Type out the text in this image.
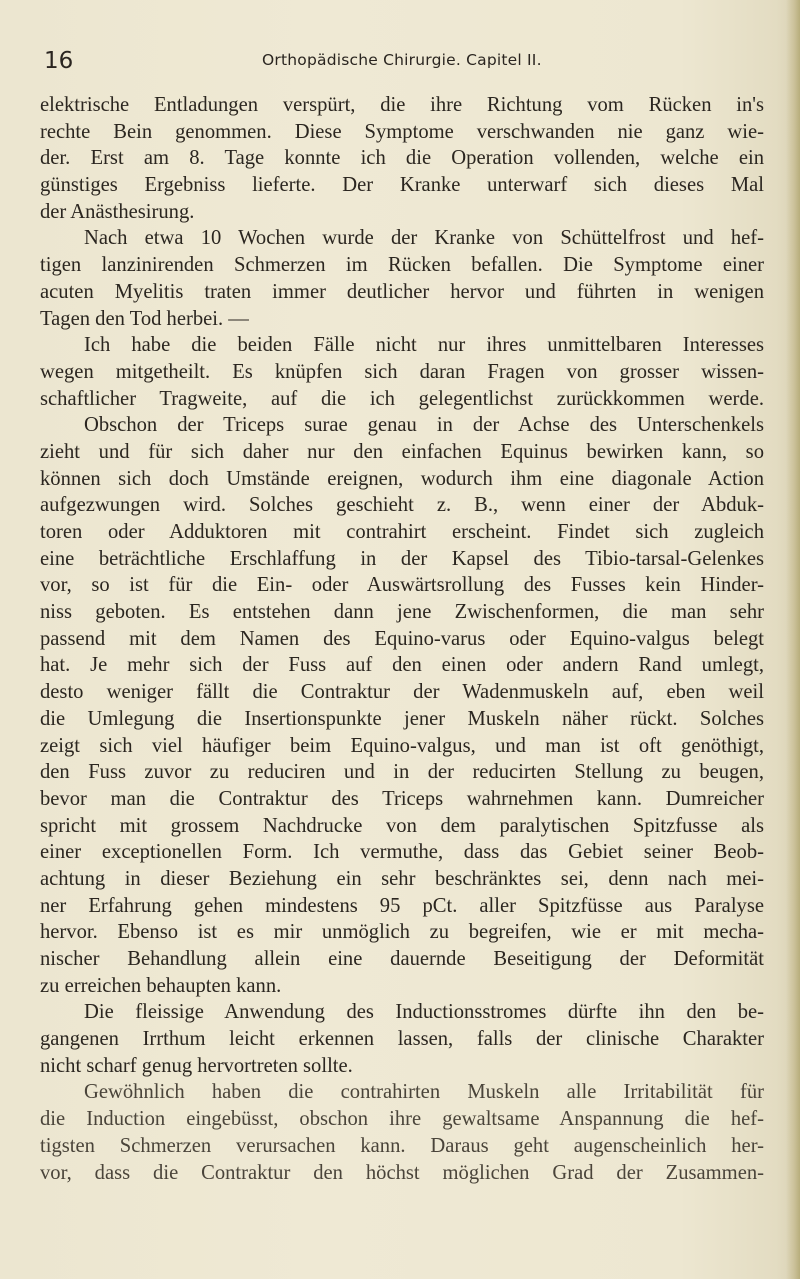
16	Orthopädische Chirurgie. Capitel II.
elektrische Entladungen verspürt, die ihre Richtung vom Rücken in's
rechte Bein genommen. Diese Symptome verschwanden nie ganz wie-
der. Erst am 8. Tage konnte ich die Operation vollenden, welche ein
günstiges Ergebniss lieferte. Der Kranke unterwarf sich dieses Mal
der Anästhesirung.
Nach etwa 10 Wochen wurde der Kranke von Schüttelfrost und hef-
tigen lanzinirenden Schmerzen im Rücken befallen. Die Symptome einer
acuten Myelitis traten immer deutlicher hervor und führten in wenigen
Tagen den Tod herbei. —
Ich habe die beiden Fälle nicht nur ihres unmittelbaren Interesses
wegen mitgetheilt. Es knüpfen sich daran Fragen von grosser wissen-
schaftlicher Tragweite, auf die ich gelegentlichst zurückkommen werde.
Obschon der Triceps surae genau in der Achse des Unterschenkels
zieht und für sich daher nur den einfachen Equinus bewirken kann, so
können sich doch Umstände ereignen, wodurch ihm eine diagonale Action
aufgezwungen wird. Solches geschieht z. B., wenn einer der Abduk-
toren oder Adduktoren mit contrahirt erscheint. Findet sich zugleich
eine beträchtliche Erschlaffung in der Kapsel des Tibio-tarsal-Gelenkes
vor, so ist für die Ein- oder Auswärtsrollung des Fusses kein Hinder-
niss geboten. Es entstehen dann jene Zwischenformen, die man sehr
passend mit dem Namen des Equino-varus oder Equino-valgus belegt
hat. Je mehr sich der Fuss auf den einen oder andern Rand umlegt,
desto weniger fällt die Contraktur der Wadenmuskeln auf, eben weil
die Umlegung die Insertionspunkte jener Muskeln näher rückt. Solches
zeigt sich viel häufiger beim Equino-valgus, und man ist oft genöthigt,
den Fuss zuvor zu reduciren und in der reducirten Stellung zu beugen,
bevor man die Contraktur des Triceps wahrnehmen kann. Dumreicher
spricht mit grossem Nachdrucke von dem paralytischen Spitzfusse als
einer exceptionellen Form. Ich vermuthe, dass das Gebiet seiner Beob-
achtung in dieser Beziehung ein sehr beschränktes sei, denn nach mei-
ner Erfahrung gehen mindestens 95 pCt. aller Spitzfüsse aus Paralyse
hervor. Ebenso ist es mir unmöglich zu begreifen, wie er mit mecha-
nischer Behandlung allein eine dauernde Beseitigung der Deformität
zu erreichen behaupten kann.
Die fleissige Anwendung des Inductionsstromes dürfte ihn den be-
gangenen Irrthum leicht erkennen lassen, falls der clinische Charakter
nicht scharf genug hervortreten sollte.
Gewöhnlich haben die contrahirten Muskeln alle Irritabilität für
die Induction eingebüsst, obschon ihre gewaltsame Anspannung die hef-
tigsten Schmerzen verursachen kann. Daraus geht augenscheinlich her-
vor, dass die Contraktur den höchst möglichen Grad der Zusammen-
